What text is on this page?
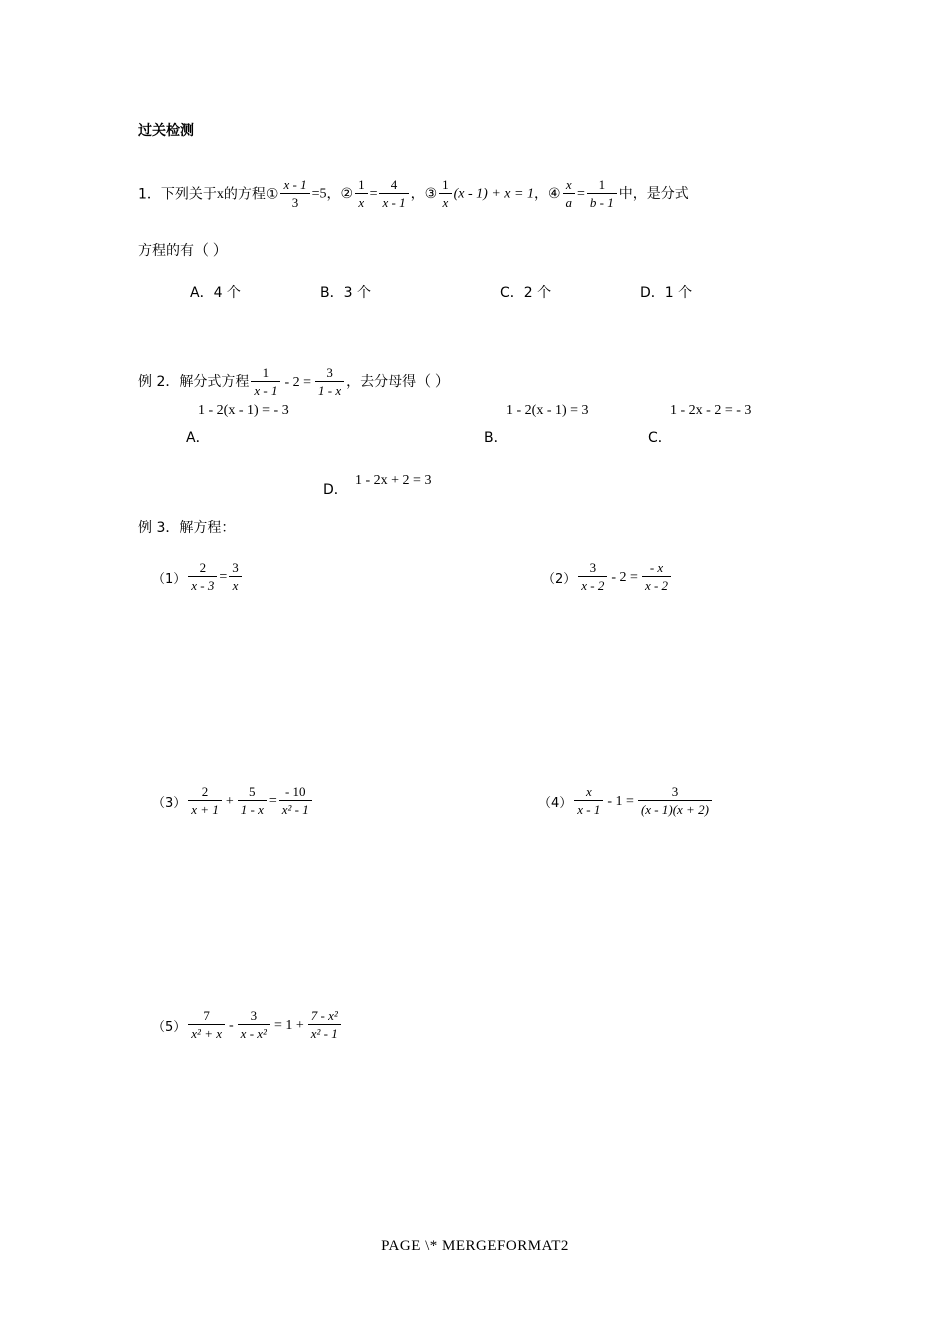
过关检测
1．下列关于x的方程① $\frac{x - 1}{3} =5$，② $\frac{1}{x} = \frac{4}{x - 1}$ ，③ $\frac{1}{x} (x - 1) + x = 1$，④ $\frac{x}{a} = \frac{1}{b - 1}$ 中，是分式
方程的有（ ）
A．4 个	B．3 个	C．2 个	D．1 个
例 2．解分式方程 $\frac{1}{x - 1} - 2 = \frac{3}{1 - x}$ ，去分母得（ ）
1 - 2(x - 1) = - 3
A．
1 - 2(x - 1) = 3
B．
1 - 2x - 2 = - 3
C．
D．
1 - 2x + 2 = 3
例 3．解方程：
$(1) \frac{2}{x - 3} = \frac{3}{x}$	$(2) \frac{3}{x - 2} - 2 = \frac{- x}{x - 2}$
$(3) \frac{2}{x + 1} + \frac{5}{1 - x} = \frac{- 10}{\text{x² - 1}}$	$(4) \frac{x}{x - 1} - 1 = \frac{3}{(x - 1)(x + 2)}$
$(5) \frac{7}{\text{x² + x}} - \frac{3}{\text{x - x²}} = 1 + \frac{\text{7 - x²}}{\text{x² - 1}}$
PAGE \* MERGEFORMAT2
